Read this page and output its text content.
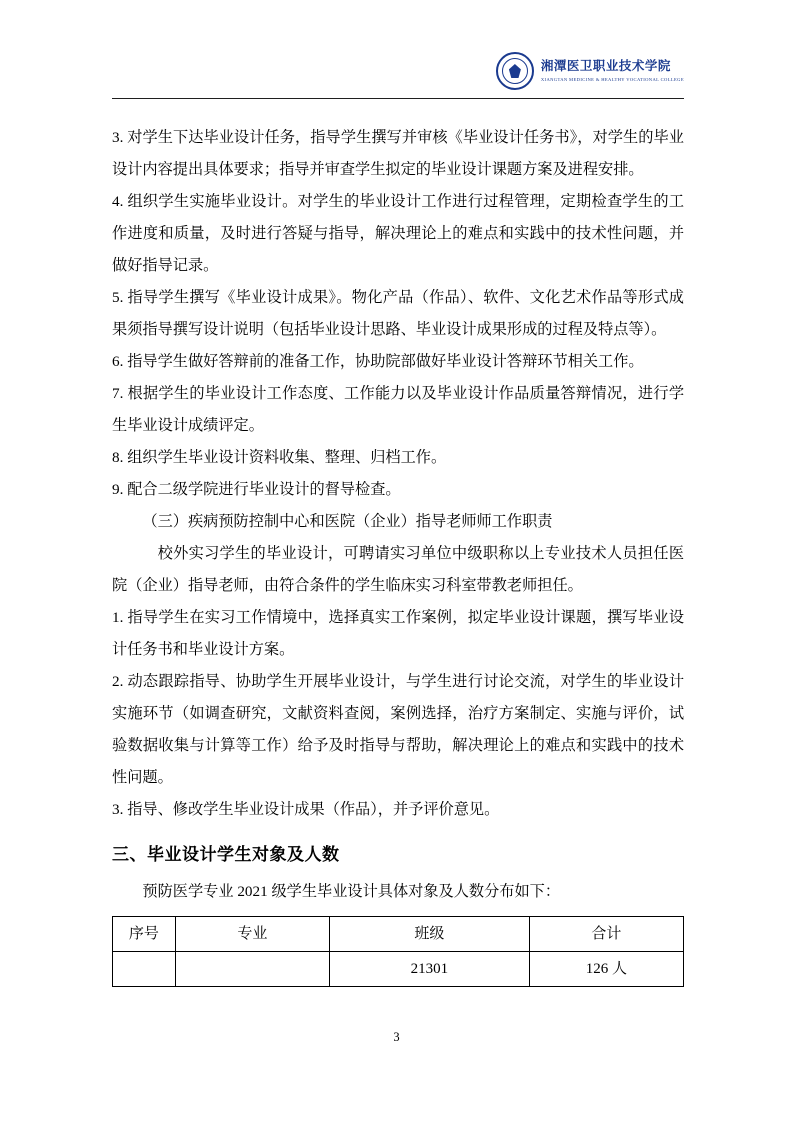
湘潭医卫职业技术学院
XIANGTAN MEDICINE & HEALTHY VOCATIONAL COLLEGE

3. 对学生下达毕业设计任务，指导学生撰写并审核《毕业设计任务书》，对学生的毕业设计内容提出具体要求；指导并审查学生拟定的毕业设计课题方案及进程安排。

4. 组织学生实施毕业设计。对学生的毕业设计工作进行过程管理，定期检查学生的工作进度和质量，及时进行答疑与指导，解决理论上的难点和实践中的技术性问题，并做好指导记录。

5. 指导学生撰写《毕业设计成果》。物化产品（作品）、软件、文化艺术作品等形式成果须指导撰写设计说明（包括毕业设计思路、毕业设计成果形成的过程及特点等）。

6. 指导学生做好答辩前的准备工作，协助院部做好毕业设计答辩环节相关工作。

7. 根据学生的毕业设计工作态度、工作能力以及毕业设计作品质量答辩情况，进行学生毕业设计成绩评定。

8. 组织学生毕业设计资料收集、整理、归档工作。

9. 配合二级学院进行毕业设计的督导检查。

（三）疾病预防控制中心和医院（企业）指导老师师工作职责

校外实习学生的毕业设计，可聘请实习单位中级职称以上专业技术人员担任医院（企业）指导老师，由符合条件的学生临床实习科室带教老师担任。

1. 指导学生在实习工作情境中，选择真实工作案例，拟定毕业设计课题，撰写毕业设计任务书和毕业设计方案。

2. 动态跟踪指导、协助学生开展毕业设计，与学生进行讨论交流，对学生的毕业设计实施环节（如调查研究，文献资料查阅，案例选择，治疗方案制定、实施与评价，试验数据收集与计算等工作）给予及时指导与帮助，解决理论上的难点和实践中的技术性问题。

3. 指导、修改学生毕业设计成果（作品），并予评价意见。

三、毕业设计学生对象及人数

预防医学专业 2021 级学生毕业设计具体对象及人数分布如下：

序号	专业	班级	合计
		21301	126 人
3
